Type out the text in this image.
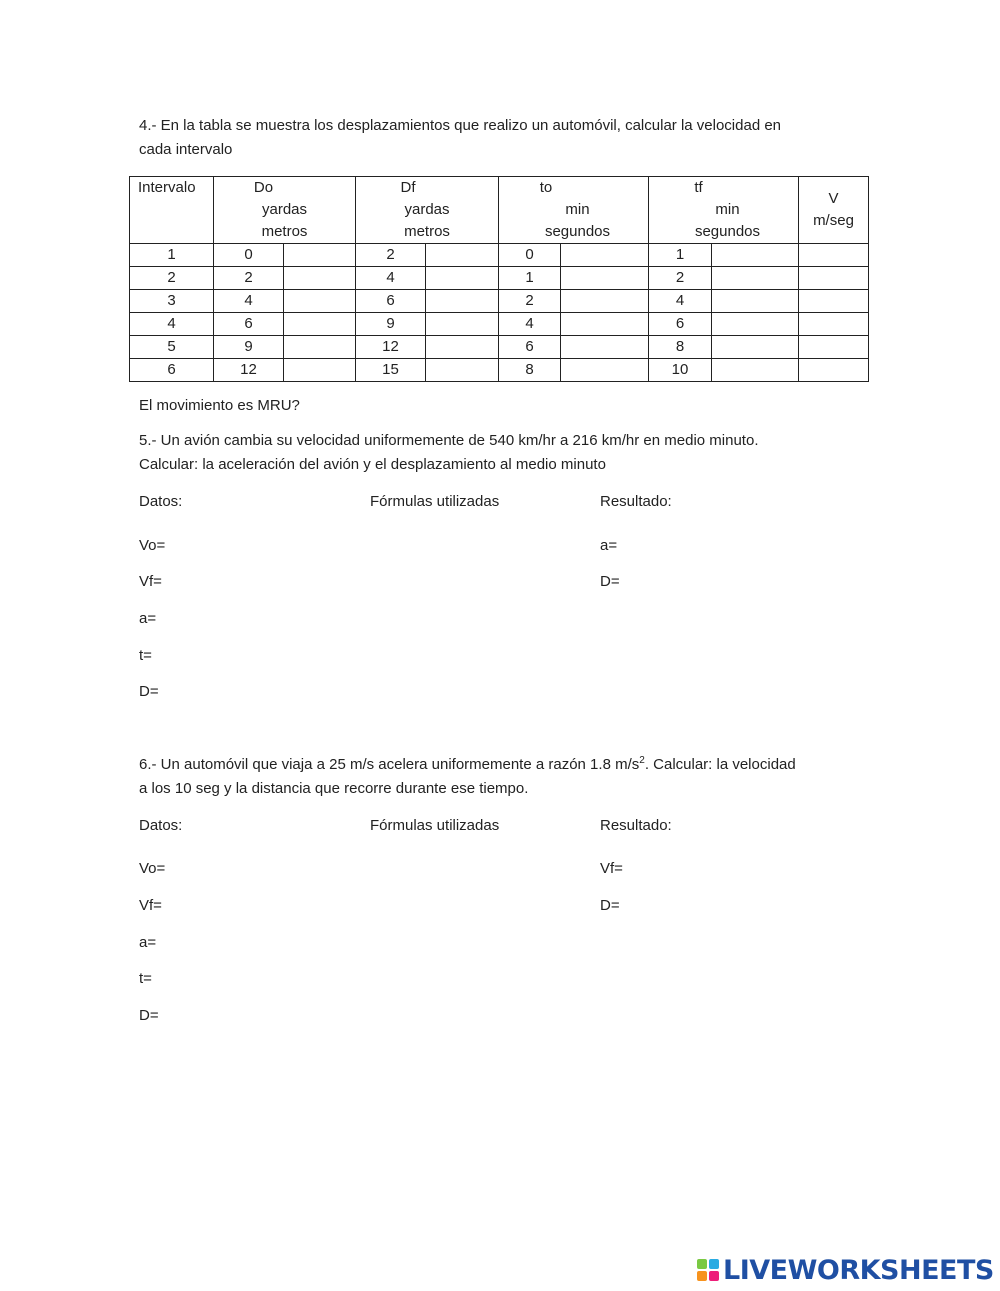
4.- En la tabla se muestra los desplazamientos que realizo un automóvil, calcular la velocidad en

cada intervalo

Intervalo	Do
yardas
metros		Df
yardas
metros		to
min
segundos		tf
min
segundos		V
m/seg

1	0		2		0		1		
2	2		4		1		2		
3	4		6		2		4		
4	6		9		4		6		
5	9		12		6		8		
6	12		15		8		10		

El movimiento es MRU?

5.- Un avión cambia su velocidad uniformemente de 540 km/hr a 216 km/hr en medio minuto.

Calcular: la aceleración del avión y el desplazamiento al medio minuto

Datos:	Fórmulas utilizadas	Resultado:

Vo=

Vf=

a=

t=

D=

a=

D=

6.- Un automóvil que viaja a 25 m/s acelera uniformemente a razón 1.8 $m/s^2$. Calcular: la velocidad

a los 10 seg y la distancia que recorre durante ese tiempo.

Datos:	Fórmulas utilizadas	Resultado:

Vo=

Vf=

a=

t=

D=

Vf=

D=

LIVEWORKSHEETS
